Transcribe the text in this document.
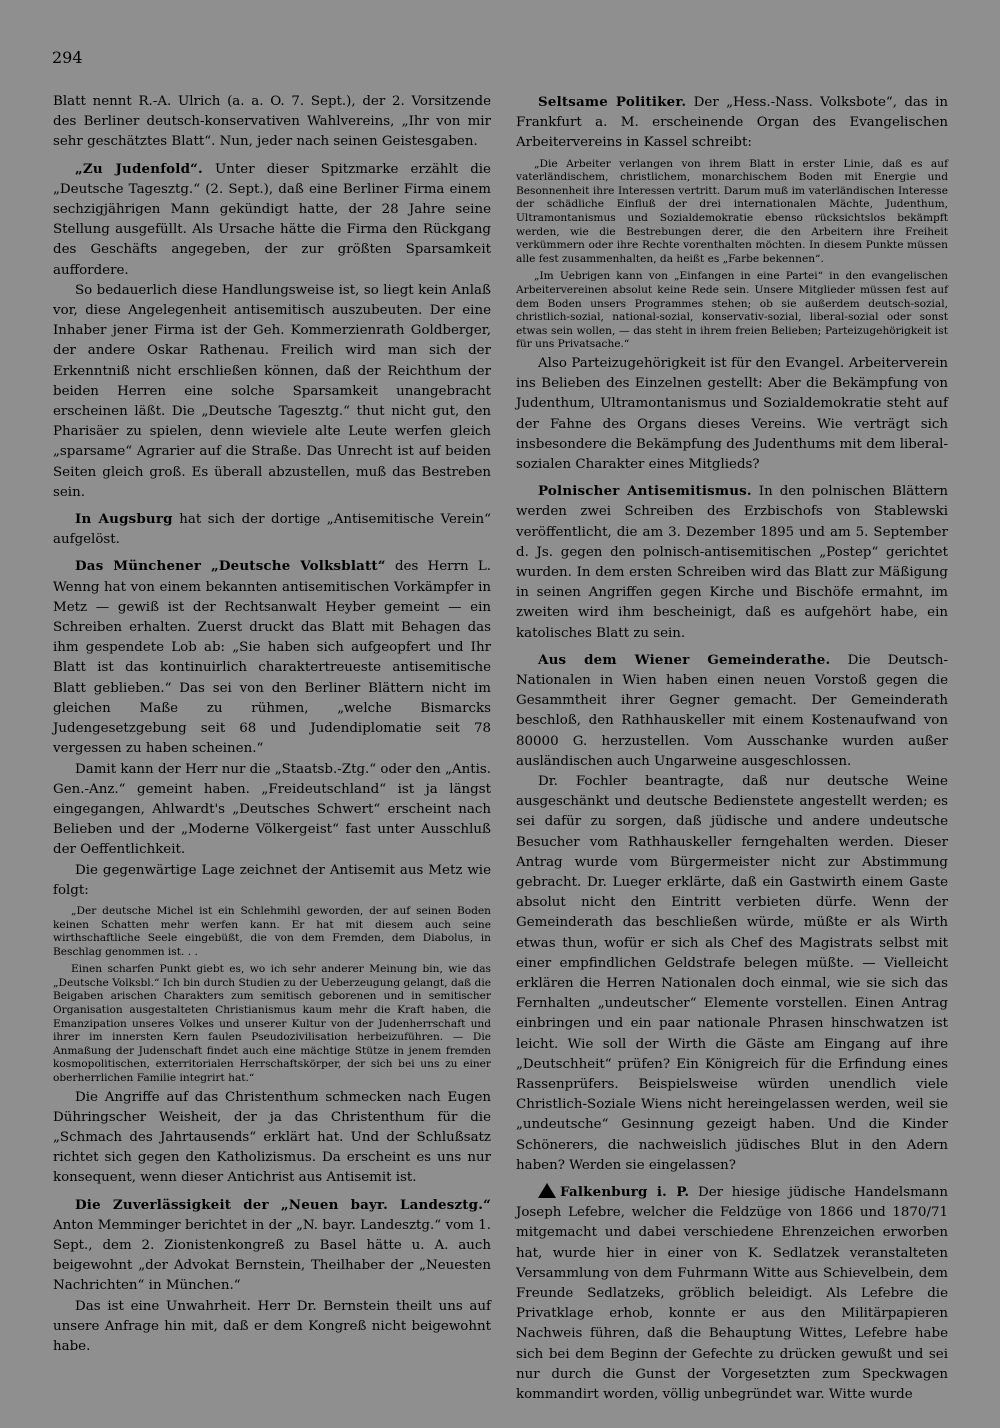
294

Blatt nennt R.-A. Ulrich (a. a. O. 7. Sept.), der 2. Vorsitzende des Berliner deutsch-konservativen Wahlvereins, „Ihr von mir sehr geschätztes Blatt“. Nun, jeder nach seinen Geistesgaben.

„Zu Judenfold“. Unter dieser Spitzmarke erzählt die „Deutsche Tagesztg.“ (2. Sept.), daß eine Berliner Firma einem sechzigjährigen Mann gekündigt hatte, der 28 Jahre seine Stellung ausgefüllt. Als Ursache hätte die Firma den Rückgang des Geschäfts angegeben, der zur größten Sparsamkeit auffordere.

So bedauerlich diese Handlungsweise ist, so liegt kein Anlaß vor, diese Angelegenheit antisemitisch auszubeuten. Der eine Inhaber jener Firma ist der Geh. Kommerzienrath Goldberger, der andere Oskar Rathenau. Freilich wird man sich der Erkenntniß nicht erschließen können, daß der Reichthum der beiden Herren eine solche Sparsamkeit unangebracht erscheinen läßt. Die „Deutsche Tagesztg.“ thut nicht gut, den Pharisäer zu spielen, denn wieviele alte Leute werfen gleich „sparsame“ Agrarier auf die Straße. Das Unrecht ist auf beiden Seiten gleich groß. Es überall abzustellen, muß das Bestreben sein.

In Augsburg hat sich der dortige „Antisemitische Verein“ aufgelöst.

Das Münchener „Deutsche Volksblatt“ des Herrn L. Wenng hat von einem bekannten antisemitischen Vorkämpfer in Metz — gewiß ist der Rechtsanwalt Heyber gemeint — ein Schreiben erhalten. Zuerst druckt das Blatt mit Behagen das ihm gespendete Lob ab: „Sie haben sich aufgeopfert und Ihr Blatt ist das kontinuirlich charaktertreueste antisemitische Blatt geblieben.“ Das sei von den Berliner Blättern nicht im gleichen Maße zu rühmen, „welche Bismarcks Judengesetzgebung seit 68 und Judendiplomatie seit 78 vergessen zu haben scheinen.“

Damit kann der Herr nur die „Staatsb.-Ztg.“ oder den „Antis. Gen.-Anz.“ gemeint haben. „Freideutschland“ ist ja längst eingegangen, Ahlwardt's „Deutsches Schwert“ erscheint nach Belieben und der „Moderne Völkergeist“ fast unter Ausschluß der Oeffentlichkeit.

Die gegenwärtige Lage zeichnet der Antisemit aus Metz wie folgt:

„Der deutsche Michel ist ein Schlehmihl geworden, der auf seinen Boden keinen Schatten mehr werfen kann. Er hat mit diesem auch seine wirthschaftliche Seele eingebüßt, die von dem Fremden, dem Diabolus, in Beschlag genommen ist. . .

Einen scharfen Punkt giebt es, wo ich sehr anderer Meinung bin, wie das „Deutsche Volksbl.“ Ich bin durch Studien zu der Ueberzeugung gelangt, daß die Beigaben arischen Charakters zum semitisch geborenen und in semitischer Organisation ausgestalteten Christianismus kaum mehr die Kraft haben, die Emanzipation unseres Volkes und unserer Kultur von der Judenherrschaft und ihrer im innersten Kern faulen Pseudozivilisation herbeizuführen. — Die Anmaßung der Judenschaft findet auch eine mächtige Stütze in jenem fremden kosmopolitischen, exterritorialen Herrschaftskörper, der sich bei uns zu einer oberherrlichen Familie integrirt hat.“

Die Angriffe auf das Christenthum schmecken nach Eugen Dühringscher Weisheit, der ja das Christenthum für die „Schmach des Jahrtausends“ erklärt hat. Und der Schlußsatz richtet sich gegen den Katholizismus. Da erscheint es uns nur konsequent, wenn dieser Antichrist aus Antisemit ist.

Die Zuverlässigkeit der „Neuen bayr. Landesztg.“ Anton Memminger berichtet in der „N. bayr. Landesztg.“ vom 1. Sept., dem 2. Zionistenkongreß zu Basel hätte u. A. auch beigewohnt „der Advokat Bernstein, Theilhaber der „Neuesten Nachrichten“ in München.“

Das ist eine Unwahrheit. Herr Dr. Bernstein theilt uns auf unsere Anfrage hin mit, daß er dem Kongreß nicht beigewohnt habe.

Seltsame Politiker. Der „Hess.-Nass. Volksbote“, das in Frankfurt a. M. erscheinende Organ des Evangelischen Arbeitervereins in Kassel schreibt:

„Die Arbeiter verlangen von ihrem Blatt in erster Linie, daß es auf vaterländischem, christlichem, monarchischem Boden mit Energie und Besonnenheit ihre Interessen vertritt. Darum muß im vaterländischen Interesse der schädliche Einfluß der drei internationalen Mächte, Judenthum, Ultramontanismus und Sozialdemokratie ebenso rücksichtslos bekämpft werden, wie die Bestrebungen derer, die den Arbeitern ihre Freiheit verkümmern oder ihre Rechte vorenthalten möchten. In diesem Punkte müssen alle fest zusammenhalten, da heißt es „Farbe bekennen“.

„Im Uebrigen kann von „Einfangen in eine Partei“ in den evangelischen Arbeitervereinen absolut keine Rede sein. Unsere Mitglieder müssen fest auf dem Boden unsers Programmes stehen; ob sie außerdem deutsch-sozial, christlich-sozial, national-sozial, konservativ-sozial, liberal-sozial oder sonst etwas sein wollen, — das steht in ihrem freien Belieben; Parteizugehörigkeit ist für uns Privatsache.“

Also Parteizugehörigkeit ist für den Evangel. Arbeiterverein ins Belieben des Einzelnen gestellt: Aber die Bekämpfung von Judenthum, Ultramontanismus und Sozialdemokratie steht auf der Fahne des Organs dieses Vereins. Wie verträgt sich insbesondere die Bekämpfung des Judenthums mit dem liberal-sozialen Charakter eines Mitglieds?

Polnischer Antisemitismus. In den polnischen Blättern werden zwei Schreiben des Erzbischofs von Stablewski veröffentlicht, die am 3. Dezember 1895 und am 5. September d. Js. gegen den polnisch-antisemitischen „Postep“ gerichtet wurden. In dem ersten Schreiben wird das Blatt zur Mäßigung in seinen Angriffen gegen Kirche und Bischöfe ermahnt, im zweiten wird ihm bescheinigt, daß es aufgehört habe, ein katolisches Blatt zu sein.

Aus dem Wiener Gemeinderathe. Die Deutsch-Nationalen in Wien haben einen neuen Vorstoß gegen die Gesammtheit ihrer Gegner gemacht. Der Gemeinderath beschloß, den Rathhauskeller mit einem Kostenaufwand von 80000 G. herzustellen. Vom Ausschanke wurden außer ausländischen auch Ungarweine ausgeschlossen.

Dr. Fochler beantragte, daß nur deutsche Weine ausgeschänkt und deutsche Bedienstete angestellt werden; es sei dafür zu sorgen, daß jüdische und andere undeutsche Besucher vom Rathhauskeller ferngehalten werden. Dieser Antrag wurde vom Bürgermeister nicht zur Abstimmung gebracht. Dr. Lueger erklärte, daß ein Gastwirth einem Gaste absolut nicht den Eintritt verbieten dürfe. Wenn der Gemeinderath das beschließen würde, müßte er als Wirth etwas thun, wofür er sich als Chef des Magistrats selbst mit einer empfindlichen Geldstrafe belegen müßte. — Vielleicht erklären die Herren Nationalen doch einmal, wie sie sich das Fernhalten „undeutscher“ Elemente vorstellen. Einen Antrag einbringen und ein paar nationale Phrasen hinschwatzen ist leicht. Wie soll der Wirth die Gäste am Eingang auf ihre „Deutschheit“ prüfen? Ein Königreich für die Erfindung eines Rassenprüfers. Beispielsweise würden unendlich viele Christlich-Soziale Wiens nicht hereingelassen werden, weil sie „undeutsche“ Gesinnung gezeigt haben. Und die Kinder Schönerers, die nachweislich jüdisches Blut in den Adern haben? Werden sie eingelassen?

Falkenburg i. P. Der hiesige jüdische Handelsmann Joseph Lefebre, welcher die Feldzüge von 1866 und 1870/71 mitgemacht und dabei verschiedene Ehrenzeichen erworben hat, wurde hier in einer von K. Sedlatzek veranstalteten Versammlung von dem Fuhrmann Witte aus Schievelbein, dem Freunde Sedlatzeks, gröblich beleidigt. Als Lefebre die Privatklage erhob, konnte er aus den Militärpapieren Nachweis führen, daß die Behauptung Wittes, Lefebre habe sich bei dem Beginn der Gefechte zu drücken gewußt und sei nur durch die Gunst der Vorgesetzten zum Speckwagen kommandirt worden, völlig unbegründet war. Witte wurde
